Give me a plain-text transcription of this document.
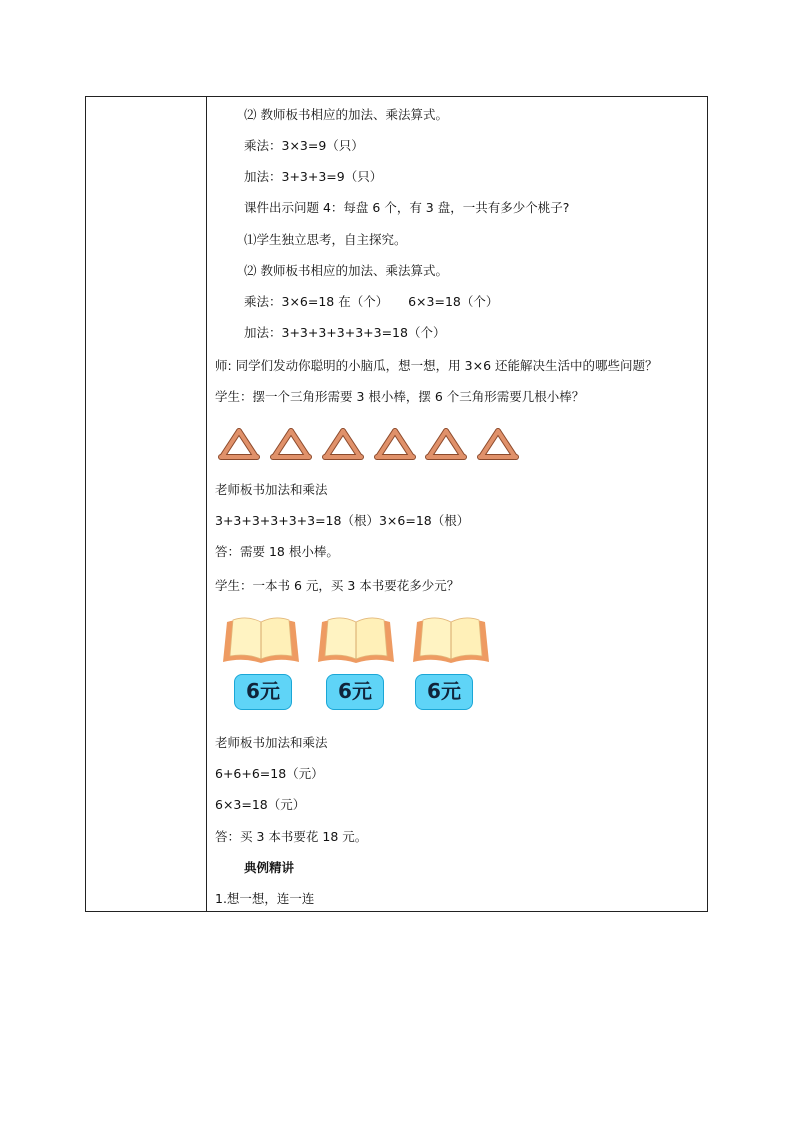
⑵ 教师板书相应的加法、乘法算式。
乘法：3×3=9（只）
加法：3+3+3=9（只）
课件出示问题 4：每盘 6 个，有 3 盘，一共有多少个桃子?
⑴学生独立思考，自主探究。
⑵ 教师板书相应的加法、乘法算式。
乘法：3×6=18 在（个）     6×3=18（个）
加法：3+3+3+3+3+3=18（个）
师: 同学们发动你聪明的小脑瓜，想一想，用 3×6 还能解决生活中的哪些问题？
学生：摆一个三角形需要 3 根小棒，摆 6 个三角形需要几根小棒？
老师板书加法和乘法
3+3+3+3+3+3=18（根）3×6=18（根）
答：需要 18 根小棒。
学生：一本书 6 元，买 3 本书要花多少元？
6元	6元	6元
老师板书加法和乘法
6+6+6=18（元）
6×3=18（元）
答：买 3 本书要花 18 元。
典例精讲
1.想一想，连一连
